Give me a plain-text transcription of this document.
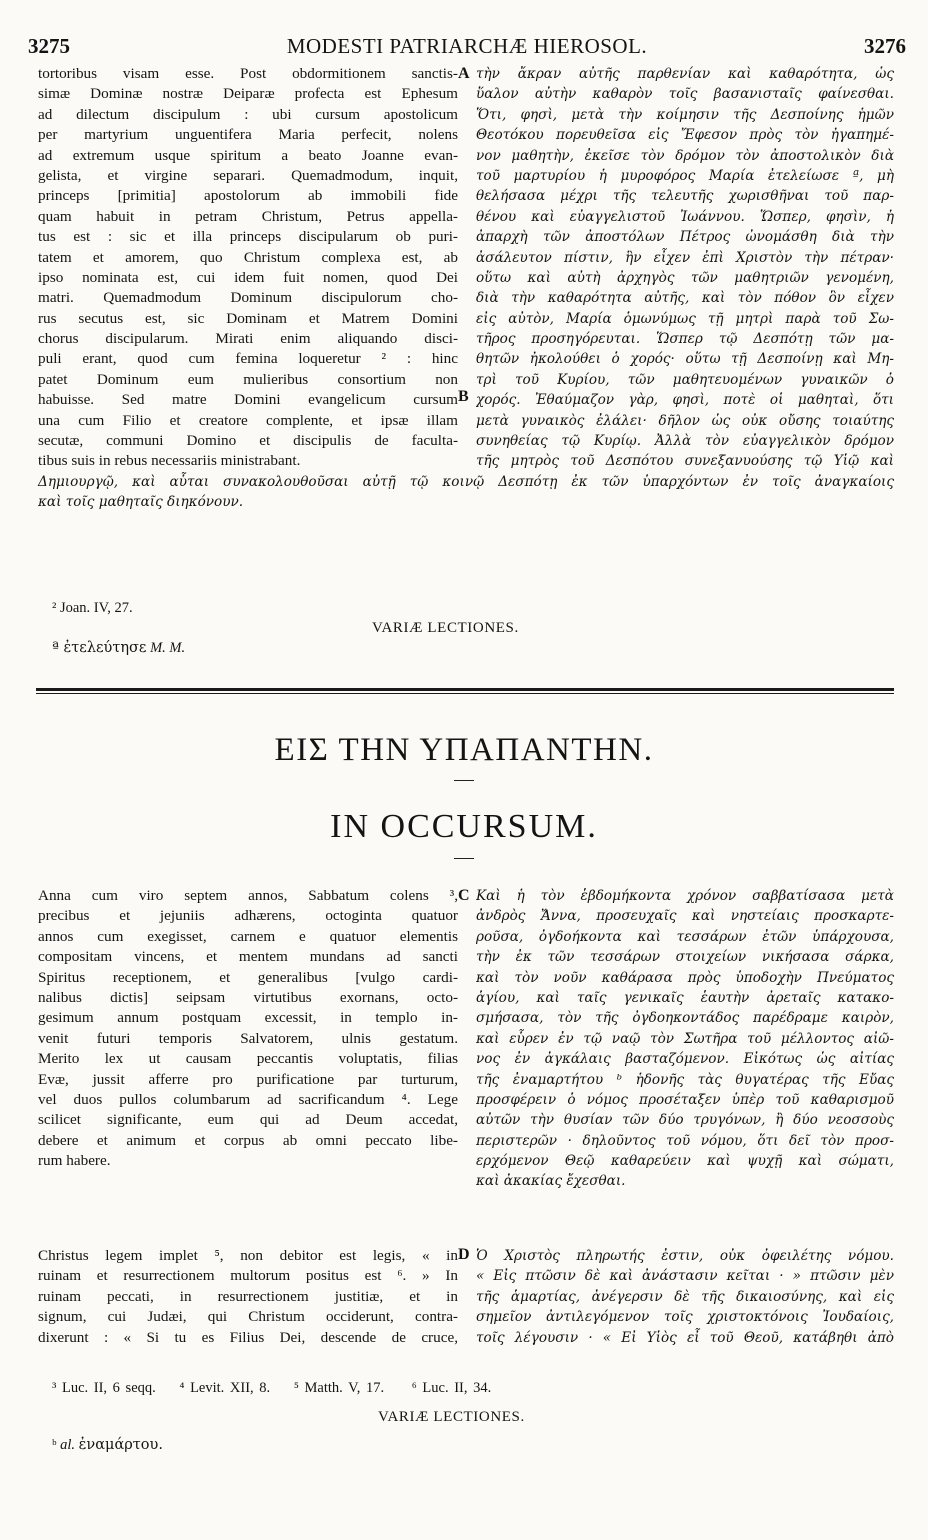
3275	MODESTI PATRIARCHÆ HIEROSOL.	3276
tortoribus visam esse. Post obdormitionem sanctis-
simæ Dominæ nostræ Deiparæ profecta est Ephesum
ad dilectum discipulum : ubi cursum apostolicum
per martyrium unguentifera Maria perfecit, nolens
ad extremum usque spiritum a beato Joanne evan-
gelista, et virgine separari. Quemadmodum, inquit,
princeps [primitia] apostolorum ab immobili fide
quam habuit in petram Christum, Petrus appella-
tus est : sic et illa princeps discipularum ob puri-
tatem et amorem, quo Christum complexa est, ab
ipso nominata est, cui idem fuit nomen, quod Dei
matri. Quemadmodum Dominum discipulorum cho-
rus secutus est, sic Dominam et Matrem Domini
chorus discipularum. Mirati enim aliquando disci-
puli erant, quod cum femina loqueretur ² : hinc
patet Dominum eum mulieribus consortium non
habuisse. Sed matre Domini evangelicum cursum
una cum Filio et creatore complente, et ipsæ illam
secutæ, communi Domino et discipulis de faculta-
tibus suis in rebus necessariis ministrabant.
τὴν ἄκραν αὐτῆς παρθενίαν καὶ καθαρότητα, ὡς
ὕαλον αὐτὴν καθαρὸν τοῖς βασανισταῖς φαίνεσθαι.
Ὅτι, φησὶ, μετὰ τὴν κοίμησιν τῆς Δεσποίνης ἡμῶν
Θεοτόκου πορευθεῖσα εἰς Ἔφεσον πρὸς τὸν ἠγαπημέ-
νον μαθητὴν, ἐκεῖσε τὸν δρόμον τὸν ἀποστολικὸν διὰ
τοῦ μαρτυρίου ἡ μυροφόρος Μαρία ἐτελείωσε ª, μὴ
θελήσασα μέχρι τῆς τελευτῆς χωρισθῆναι τοῦ παρ-
θένου καὶ εὐαγγελιστοῦ Ἰωάννου. Ὥσπερ, φησὶν, ἡ
ἀπαρχὴ τῶν ἀποστόλων Πέτρος ὠνομάσθη διὰ τὴν
ἀσάλευτον πίστιν, ἣν εἶχεν ἐπὶ Χριστὸν τὴν πέτραν·
οὕτω καὶ αὐτὴ ἀρχηγὸς τῶν μαθητριῶν γενομένη,
διὰ τὴν καθαρότητα αὐτῆς, καὶ τὸν πόθον ὃν εἶχεν
εἰς αὐτὸν, Μαρία ὁμωνύμως τῇ μητρὶ παρὰ τοῦ Σω-
τῆρος προσηγόρευται. Ὥσπερ τῷ Δεσπότῃ τῶν μα-
θητῶν ἠκολούθει ὁ χορός· οὕτω τῇ Δεσποίνῃ καὶ Μη-
τρὶ τοῦ Κυρίου, τῶν μαθητευομένων γυναικῶν ὁ
χορός. Ἐθαύμαζον γὰρ, φησὶ, ποτὲ οἱ μαθηταὶ, ὅτι
μετὰ γυναικὸς ἐλάλει· δῆλον ὡς οὐκ οὔσης τοιαύτης
συνηθείας τῷ Κυρίῳ. Ἀλλὰ τὸν εὐαγγελικὸν δρόμον
τῆς μητρὸς τοῦ Δεσπότου συνεξανυούσης τῷ Υἱῷ καὶ
A
B
Δημιουργῷ, καὶ αὗται συνακολουθοῦσαι αὐτῇ τῷ κοινῷ Δεσπότῃ ἐκ τῶν ὑπαρχόντων ἐν τοῖς ἀναγκαίοις
καὶ τοῖς μαθηταῖς διηκόνουν.
² Joan. IV, 27.
VARIÆ LECTIONES.
ª ἐτελεύτησε M. M.
ΕΙΣ ΤΗΝ ΥΠΑΠΑΝΤΗΝ.
IN OCCURSUM.
Anna cum viro septem annos, Sabbatum colens ³,
precibus et jejuniis adhærens, octoginta quatuor
annos cum exegisset, carnem e quatuor elementis
compositam vincens, et mentem mundans ad sancti
Spiritus receptionem, et generalibus [vulgo cardi-
nalibus dictis] seipsam virtutibus exornans, octo-
gesimum annum postquam excessit, in templo in-
venit futuri temporis Salvatorem, ulnis gestatum.
Merito lex ut causam peccantis voluptatis, filias
Evæ, jussit afferre pro purificatione par turturum,
vel duos pullos columbarum ad sacrificandum ⁴. Lege
scilicet significante, eum qui ad Deum accedat,
debere et animum et corpus ab omni peccato libe-
rum habere.
Καὶ ἡ τὸν ἑβδομήκοντα χρόνον σαββατίσασα μετὰ
ἀνδρὸς Ἄννα, προσευχαῖς καὶ νηστείαις προσκαρτε-
ροῦσα, ὀγδοήκοντα καὶ τεσσάρων ἐτῶν ὑπάρχουσα,
τὴν ἐκ τῶν τεσσάρων στοιχείων νικήσασα σάρκα,
καὶ τὸν νοῦν καθάρασα πρὸς ὑποδοχὴν Πνεύματος
ἁγίου, καὶ ταῖς γενικαῖς ἑαυτὴν ἀρεταῖς κατακο-
σμήσασα, τὸν τῆς ὀγδοηκοντάδος παρέδραμε καιρὸν,
καὶ εὗρεν ἐν τῷ ναῷ τὸν Σωτῆρα τοῦ μέλλοντος αἰῶ-
νος ἐν ἀγκάλαις βασταζόμενον. Εἰκότως ὡς αἰτίας
τῆς ἐναμαρτήτου ᵇ ἡδονῆς τὰς θυγατέρας τῆς Εὔας
προσφέρειν ὁ νόμος προσέταξεν ὑπὲρ τοῦ καθαρισμοῦ
αὐτῶν τὴν θυσίαν τῶν δύο τρυγόνων, ἢ δύο νεοσσοὺς
περιστερῶν · δηλοῦντος τοῦ νόμου, ὅτι δεῖ τὸν προσ-
ερχόμενον Θεῷ καθαρεύειν καὶ ψυχῇ καὶ σώματι,
καὶ ἀκακίας ἔχεσθαι.
C
Christus legem implet ⁵, non debitor est legis, « in
ruinam et resurrectionem multorum positus est ⁶. » In
ruinam peccati, in resurrectionem justitiæ, et in
signum, cui Judæi, qui Christum occiderunt, contra-
dixerunt : « Si tu es Filius Dei, descende de cruce,
Ὁ Χριστὸς πληρωτής ἐστιν, οὐκ ὀφειλέτης νόμου.
« Εἰς πτῶσιν δὲ καὶ ἀνάστασιν κεῖται · » πτῶσιν μὲν
τῆς ἁμαρτίας, ἀνέγερσιν δὲ τῆς δικαιοσύνης, καὶ εἰς
σημεῖον ἀντιλεγόμενον τοῖς χριστοκτόνοις Ἰουδαίοις,
τοῖς λέγουσιν · « Εἰ Υἱὸς εἶ τοῦ Θεοῦ, κατάβηθι ἀπὸ
D
³ Luc. II, 6 seqq. ⁴ Levit. XII, 8. ⁵ Matth. V, 17. ⁶ Luc. II, 34.
VARIÆ LECTIONES.
ᵇ al. ἐναμάρτου.
